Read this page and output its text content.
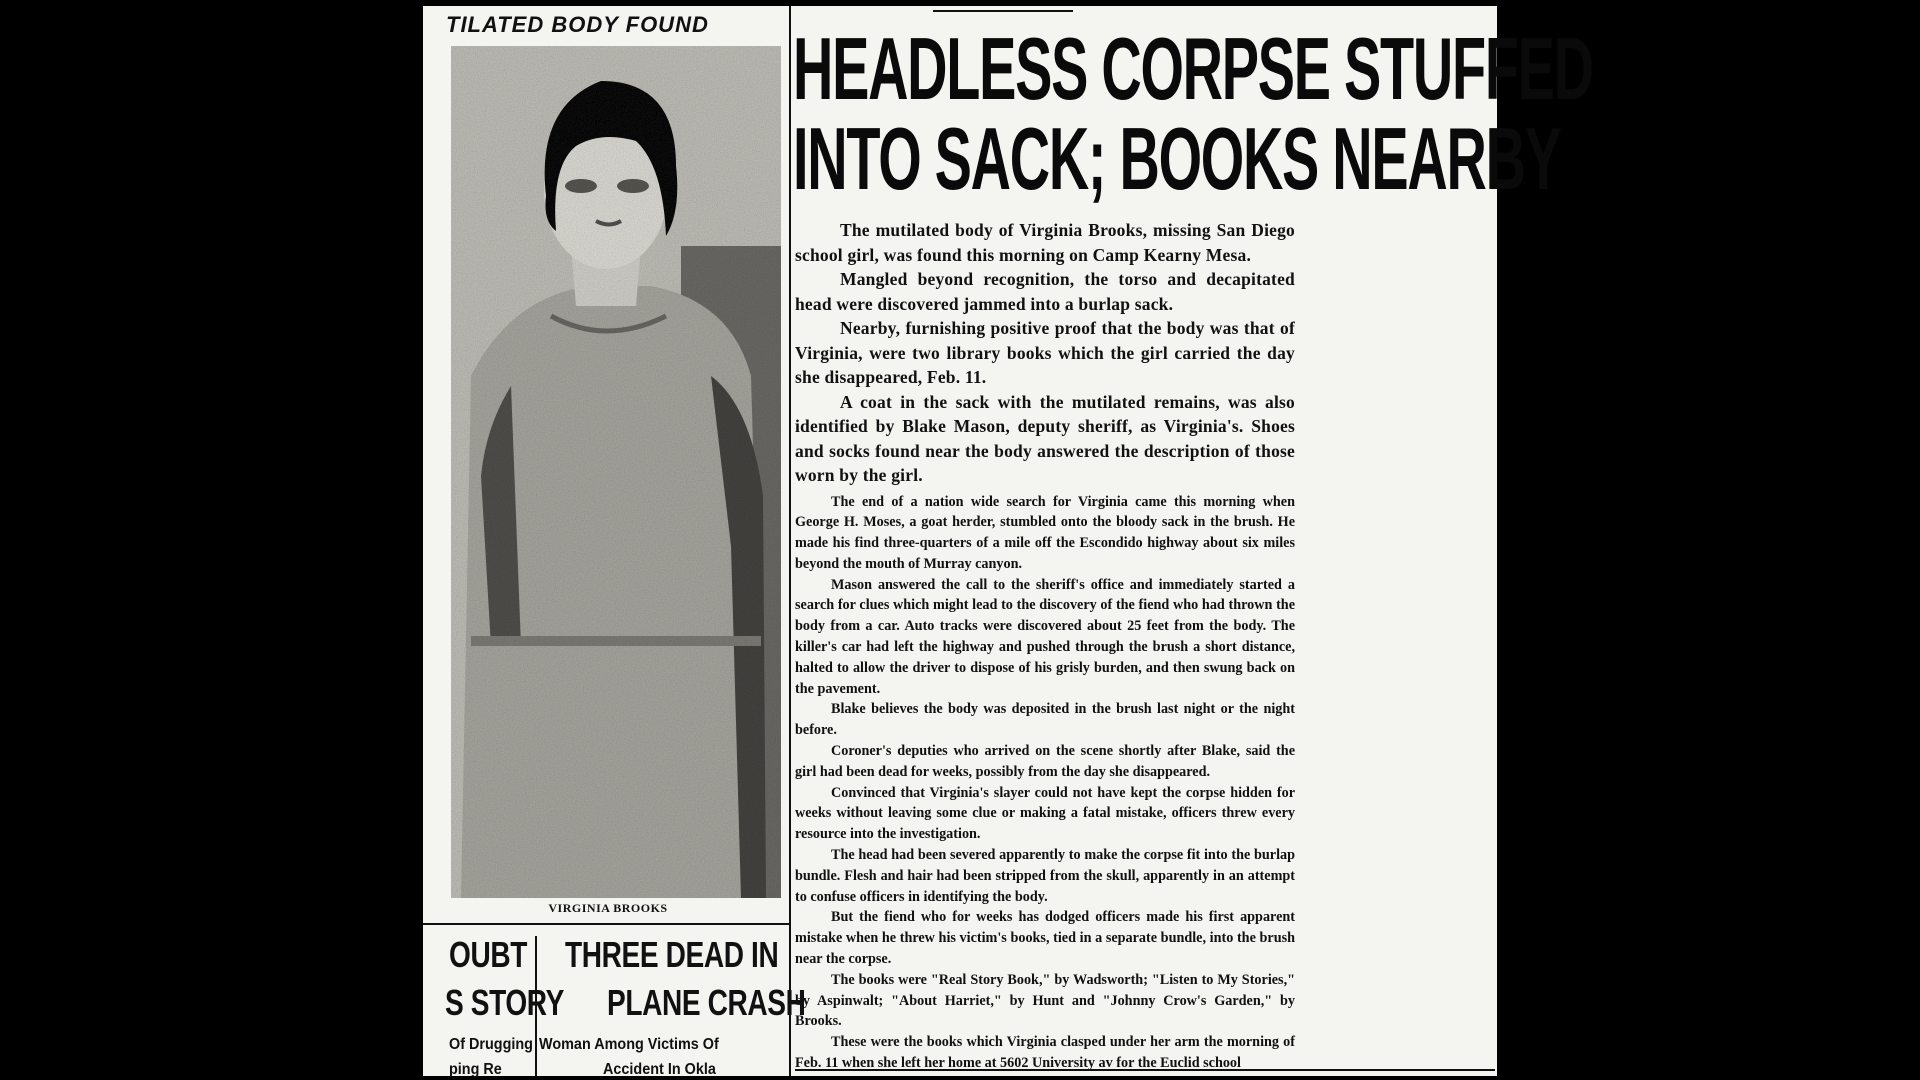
TILATED BODY FOUND
VIRGINIA BROOKS
OUBT
S STORY
Of Drugging
ping Re
THREE DEAD IN
PLANE CRASH
Woman Among Victims Of
Accident In Okla
HEADLESS CORPSE STUFFED
INTO SACK; BOOKS NEARBY

The mutilated body of Virginia Brooks, missing San Diego school girl, was found this morning on Camp Kearny Mesa.

Mangled beyond recognition, the torso and decapitated head were discovered jammed into a burlap sack.

Nearby, furnishing positive proof that the body was that of Virginia, were two library books which the girl carried the day she disappeared, Feb. 11.

A coat in the sack with the mutilated remains, was also identified by Blake Mason, deputy sheriff, as Virginia's. Shoes and socks found near the body answered the description of those worn by the girl.

The end of a nation wide search for Virginia came this morning when George H. Moses, a goat herder, stumbled onto the bloody sack in the brush. He made his find three-quarters of a mile off the Escondido highway about six miles beyond the mouth of Murray canyon.

Mason answered the call to the sheriff's office and immediately started a search for clues which might lead to the discovery of the fiend who had thrown the body from a car. Auto tracks were discovered about 25 feet from the body. The killer's car had left the highway and pushed through the brush a short distance, halted to allow the driver to dispose of his grisly burden, and then swung back on the pavement.

Blake believes the body was deposited in the brush last night or the night before.

Coroner's deputies who arrived on the scene shortly after Blake, said the girl had been dead for weeks, possibly from the day she disappeared.

Convinced that Virginia's slayer could not have kept the corpse hidden for weeks without leaving some clue or making a fatal mistake, officers threw every resource into the investigation.

The head had been severed apparently to make the corpse fit into the burlap bundle. Flesh and hair had been stripped from the skull, apparently in an attempt to confuse officers in identifying the body.

But the fiend who for weeks has dodged officers made his first apparent mistake when he threw his victim's books, tied in a separate bundle, into the brush near the corpse.

The books were "Real Story Book," by Wadsworth; "Listen to My Stories," by Aspinwalt; "About Harriet," by Hunt and "Johnny Crow's Garden," by Brooks.

These were the books which Virginia clasped under her arm the morning of Feb. 11 when she left her home at 5602 University av for the Euclid school
